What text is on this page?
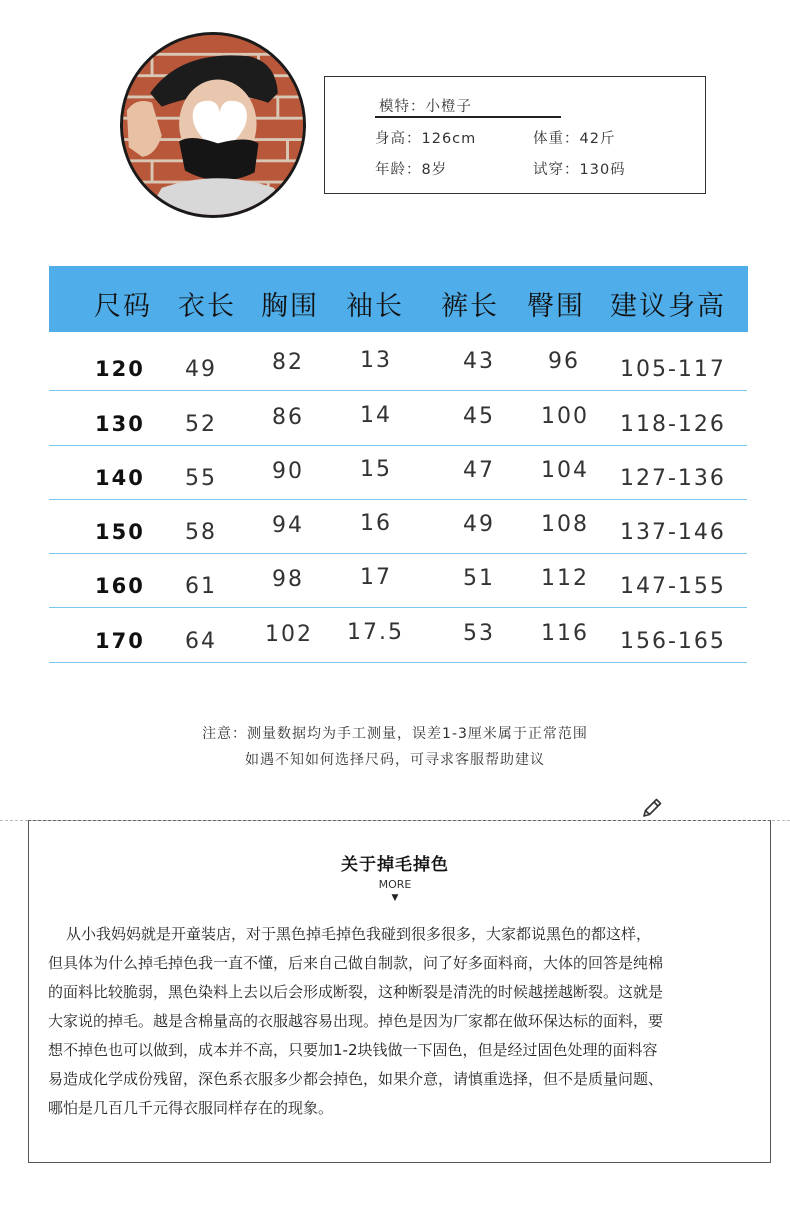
模特：小橙子
身高：126cm	体重：42斤
年龄：8岁	试穿：130码
尺码 衣长 胸围 袖长 裤长 臀围 建议身高
120 49	82	13	43 96 105-117
130 52	86	14	45 100 118-126
140 55	90	15	47 104 127-136
150 58	94	16	49 108 137-146
160 61	98	17	51 112 147-155
170 64 102 17.5	53 116 156-165
注意：测量数据均为手工测量，误差1-3厘米属于正常范围
如遇不知如何选择尺码，可寻求客服帮助建议
关于掉毛掉色
MORE
▼
从小我妈妈就是开童装店，对于黑色掉毛掉色我碰到很多很多，大家都说黑色的都这样，
但具体为什么掉毛掉色我一直不懂，后来自己做自制款，问了好多面料商，大体的回答是纯棉
的面料比较脆弱，黑色染料上去以后会形成断裂，这种断裂是清洗的时候越搓越断裂。这就是
大家说的掉毛。越是含棉量高的衣服越容易出现。掉色是因为厂家都在做环保达标的面料，要
想不掉色也可以做到，成本并不高，只要加1-2块钱做一下固色，但是经过固色处理的面料容
易造成化学成份残留，深色系衣服多少都会掉色，如果介意，请慎重选择，但不是质量问题、
哪怕是几百几千元得衣服同样存在的现象。
